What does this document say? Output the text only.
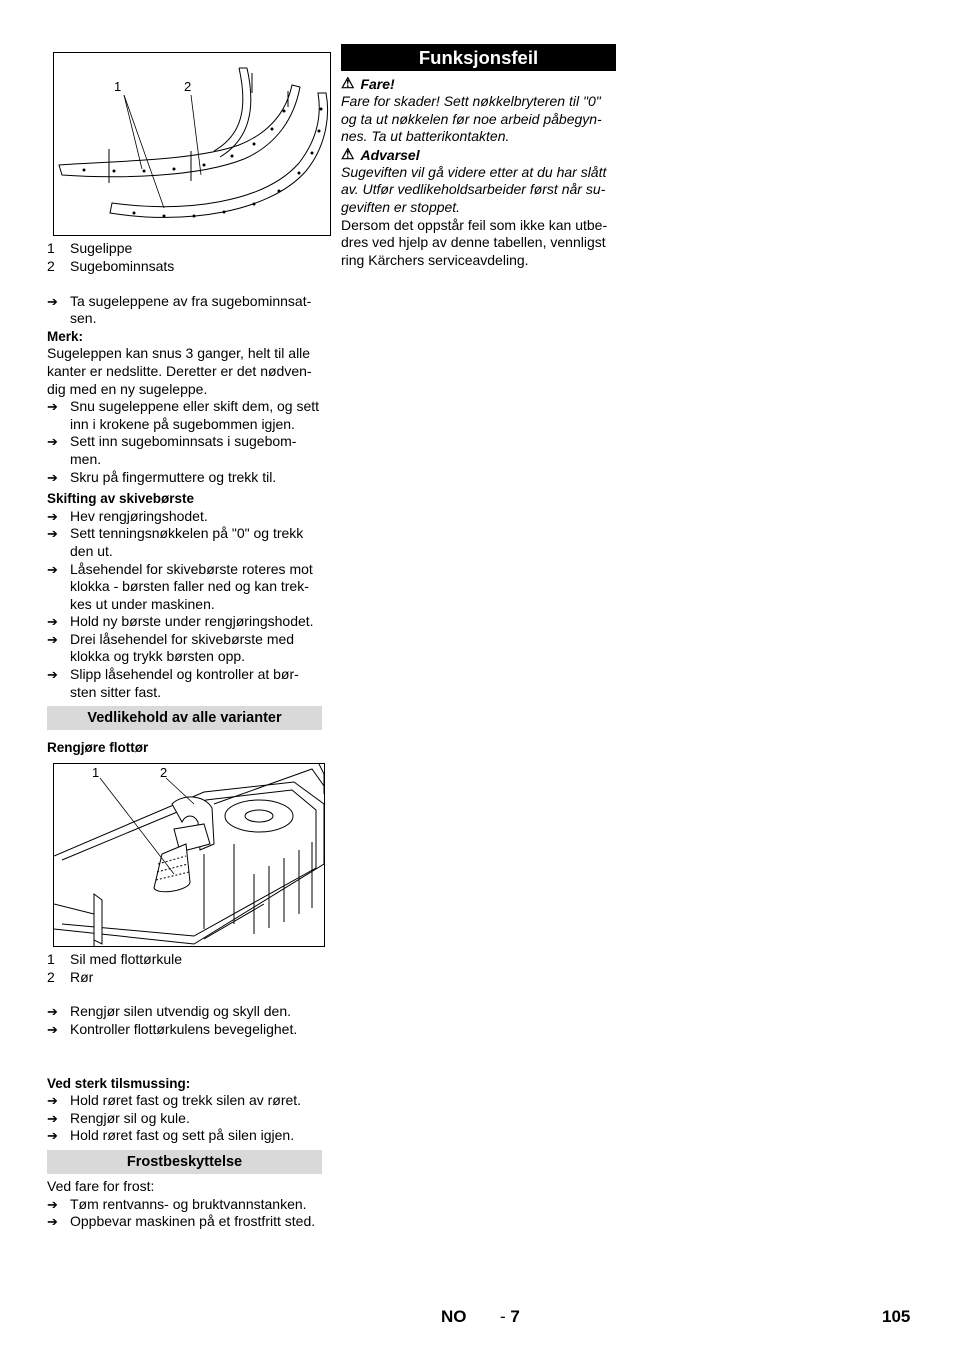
1	2
1	Sugelippe
2	Sugebominnsats
➔ Ta sugeleppene av fra sugebominnsat-sen.

Merk:

Sugeleppen kan snus 3 ganger, helt til alle kanter er nedslitte. Deretter er det nødven-dig med en ny sugeleppe.

➔ Snu sugeleppene eller skift dem, og sett inn i krokene på sugebommen igjen.
➔ Sett inn sugebominnsats i sugebom-men.
➔ Skru på fingermuttere og trekk til.

Skifting av skivebørste

➔ Hev rengjøringshodet.
➔ Sett tenningsnøkkelen på "0" og trekk den ut.
➔ Låsehendel for skivebørste roteres mot klokka - børsten faller ned og kan trek-kes ut under maskinen.
➔ Hold ny børste under rengjøringshodet.
➔ Drei låsehendel for skivebørste med klokka og trykk børsten opp.
➔ Slipp låsehendel og kontroller at bør-sten sitter fast.
Vedlikehold av alle varianter

Rengjøre flottør

1	2
1	Sil med flottørkule
2	Rør
➔ Rengjør silen utvendig og skyll den.
➔ Kontroller flottørkulens bevegelighet.

Ved sterk tilsmussing:

➔ Hold røret fast og trekk silen av røret.
➔ Rengjør sil og kule.
➔ Hold røret fast og sett på silen igjen.
Frostbeskyttelse

Ved fare for frost:

➔ Tøm rentvanns- og bruktvannstanken.
➔ Oppbevar maskinen på et frostfritt sted.
Funksjonsfeil
⚠ Fare!

Fare for skader! Sett nøkkelbryteren til "0" og ta ut nøkkelen før noe arbeid påbegyn-nes. Ta ut batterikontakten.

⚠ Advarsel

Sugeviften vil gå videre etter at du har slått av. Utfør vedlikeholdsarbeider først når su-geviften er stoppet.

Dersom det oppstår feil som ikke kan utbe-dres ved hjelp av denne tabellen, vennligst ring Kärchers serviceavdeling.

NO - 7	105
